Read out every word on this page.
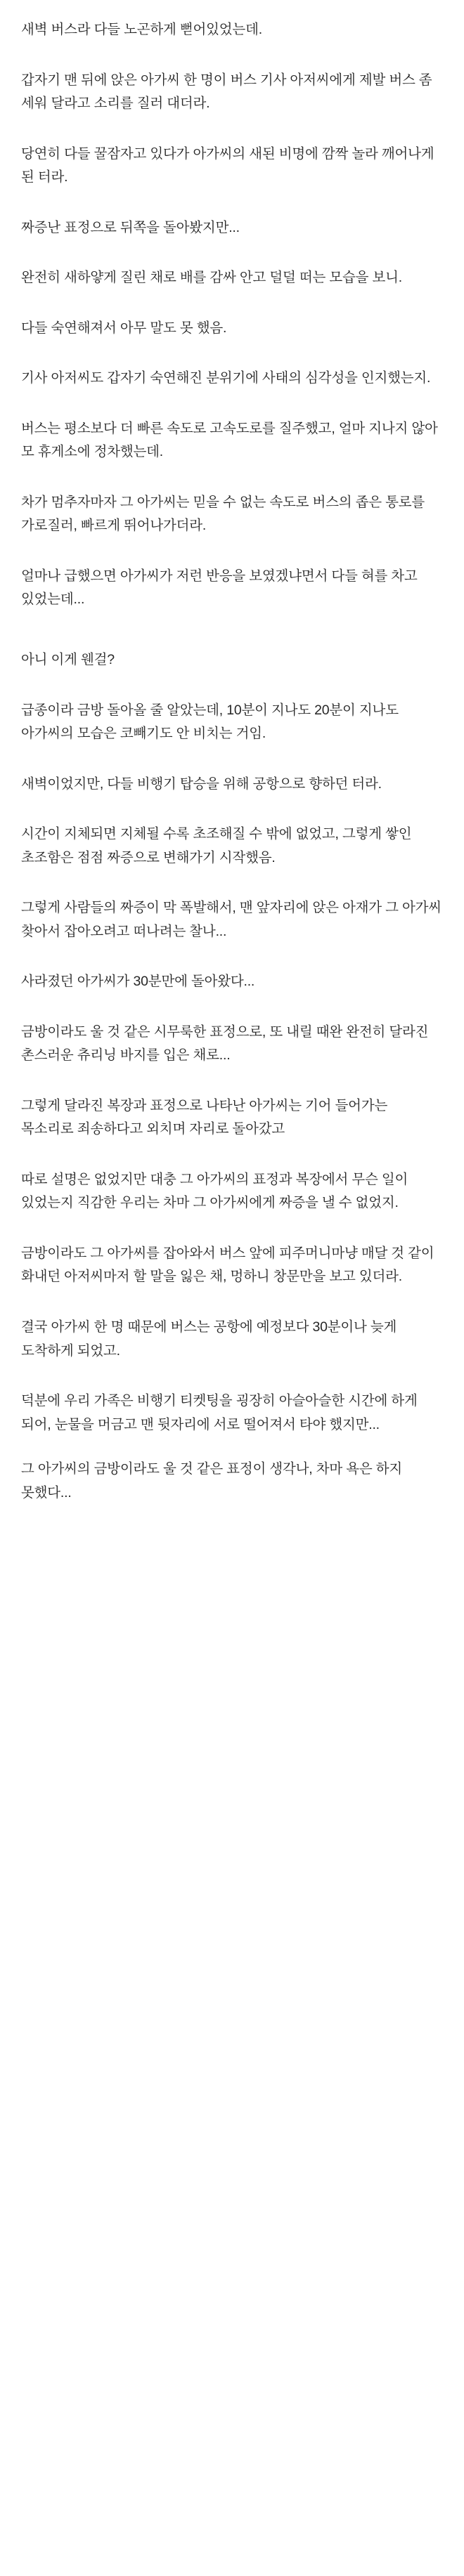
새벽 버스라 다들 노곤하게 뻗어있었는데.

갑자기 맨 뒤에 앉은 아가씨 한 명이 버스 기사 아저씨에게 제발 버스 좀 세워 달라고 소리를 질러 대더라.

당연히 다들 꿀잠자고 있다가 아가씨의 새된 비명에 깜짝 놀라 깨어나게 된 터라.

짜증난 표정으로 뒤쪽을 돌아봤지만...

완전히 새하얗게 질린 채로 배를 감싸 안고 덜덜 떠는 모습을 보니.

다들 숙연해져서 아무 말도 못 했음.

기사 아저씨도 갑자기 숙연해진 분위기에 사태의 심각성을 인지했는지.

버스는 평소보다 더 빠른 속도로 고속도로를 질주했고, 얼마 지나지 않아 모 휴게소에 정차했는데.

차가 멈추자마자 그 아가씨는 믿을 수 없는 속도로 버스의 좁은 통로를 가로질러, 빠르게 뛰어나가더라.

얼마나 급했으면 아가씨가 저런 반응을 보였겠냐면서 다들 혀를 차고 있었는데...

아니 이게 웬걸?

급종이라 금방 돌아올 줄 알았는데, 10분이 지나도 20분이 지나도 아가씨의 모습은 코빼기도 안 비치는 거임.

새벽이었지만, 다들 비행기 탑승을 위해 공항으로 향하던 터라.

시간이 지체되면 지체될 수록 초조해질 수 밖에 없었고, 그렇게 쌓인 초조함은 점점 짜증으로 변해가기 시작했음.

그렇게 사람들의 짜증이 막 폭발해서, 맨 앞자리에 앉은 아재가 그 아가씨 찾아서 잡아오려고 떠나려는 찰나...

사라졌던 아가씨가 30분만에 돌아왔다...

금방이라도 울 것 같은 시무룩한 표정으로, 또 내릴 때완 완전히 달라진 촌스러운 츄리닝 바지를 입은 채로...

그렇게 달라진 복장과 표정으로 나타난 아가씨는 기어 들어가는 목소리로 죄송하다고 외치며 자리로 돌아갔고

따로 설명은 없었지만 대충 그 아가씨의 표정과 복장에서 무슨 일이 있었는지 직감한 우리는 차마 그 아가씨에게 짜증을 낼 수 없었지.

금방이라도 그 아가씨를 잡아와서 버스 앞에 피주머니마냥 매달 것 같이 화내던 아저씨마저 할 말을 잃은 채, 멍하니 창문만을 보고 있더라.

결국 아가씨 한 명 때문에 버스는 공항에 예정보다 30분이나 늦게 도착하게 되었고.

덕분에 우리 가족은 비행기 티켓팅을 굉장히 아슬아슬한 시간에 하게 되어, 눈물을 머금고 맨 뒷자리에 서로 떨어져서 타야 했지만...

그 아가씨의 금방이라도 울 것 같은 표정이 생각나, 차마 욕은 하지 못했다...
